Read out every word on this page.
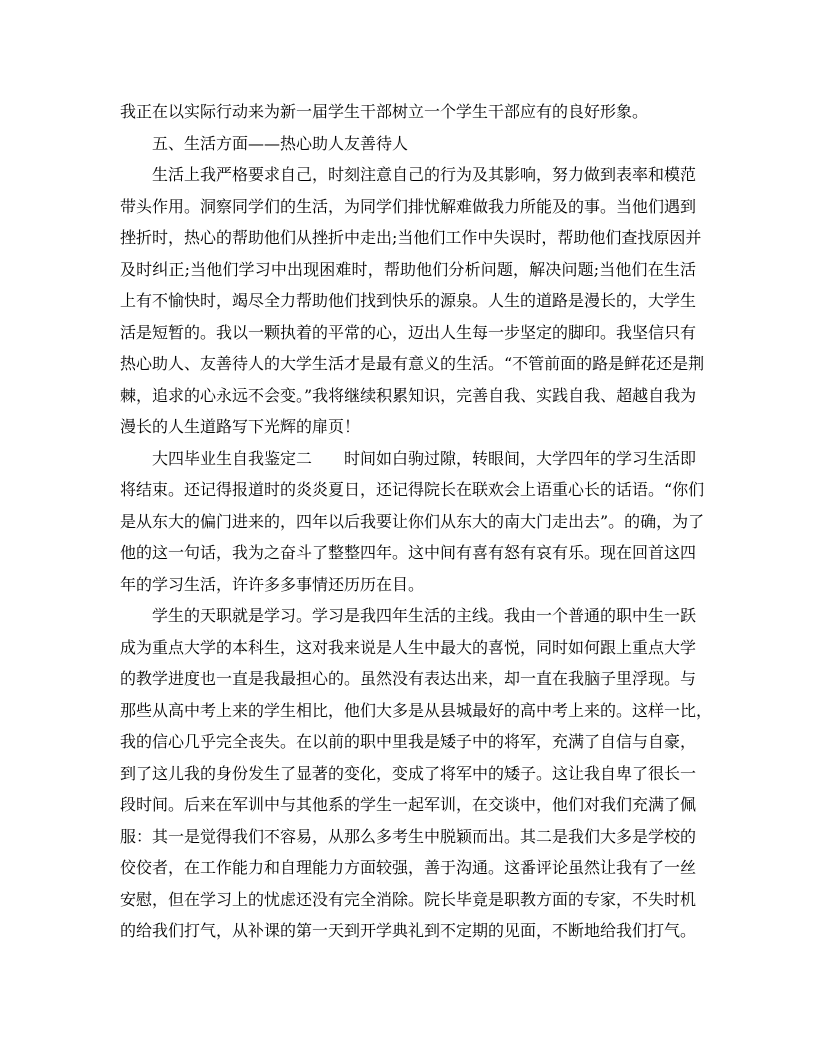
我正在以实际行动来为新一届学生干部树立一个学生干部应有的良好形象。
五、生活方面——热心助人友善待人
生活上我严格要求自己，时刻注意自己的行为及其影响，努力做到表率和模范
带头作用。洞察同学们的生活，为同学们排忧解难做我力所能及的事。当他们遇到
挫折时，热心的帮助他们从挫折中走出;当他们工作中失误时，帮助他们查找原因并
及时纠正;当他们学习中出现困难时，帮助他们分析问题，解决问题;当他们在生活
上有不愉快时，竭尽全力帮助他们找到快乐的源泉。人生的道路是漫长的，大学生
活是短暂的。我以一颗执着的平常的心，迈出人生每一步坚定的脚印。我坚信只有
热心助人、友善待人的大学生活才是最有意义的生活。“不管前面的路是鲜花还是荆
棘，追求的心永远不会变。”我将继续积累知识，完善自我、实践自我、超越自我为
漫长的人生道路写下光辉的扉页！
大四毕业生自我鉴定二　　时间如白驹过隙，转眼间，大学四年的学习生活即
将结束。还记得报道时的炎炎夏日，还记得院长在联欢会上语重心长的话语。“你们
是从东大的偏门进来的，四年以后我要让你们从东大的南大门走出去”。的确，为了
他的这一句话，我为之奋斗了整整四年。这中间有喜有怒有哀有乐。现在回首这四
年的学习生活，许许多多事情还历历在目。
学生的天职就是学习。学习是我四年生活的主线。我由一个普通的职中生一跃
成为重点大学的本科生，这对我来说是人生中最大的喜悦，同时如何跟上重点大学
的教学进度也一直是我最担心的。虽然没有表达出来，却一直在我脑子里浮现。与
那些从高中考上来的学生相比，他们大多是从县城最好的高中考上来的。这样一比，
我的信心几乎完全丧失。在以前的职中里我是矮子中的将军，充满了自信与自豪，
到了这儿我的身份发生了显著的变化，变成了将军中的矮子。这让我自卑了很长一
段时间。后来在军训中与其他系的学生一起军训，在交谈中，他们对我们充满了佩
服：其一是觉得我们不容易，从那么多考生中脱颖而出。其二是我们大多是学校的
佼佼者，在工作能力和自理能力方面较强，善于沟通。这番评论虽然让我有了一丝
安慰，但在学习上的忧虑还没有完全消除。院长毕竟是职教方面的专家，不失时机
的给我们打气，从补课的第一天到开学典礼到不定期的见面，不断地给我们打气。
